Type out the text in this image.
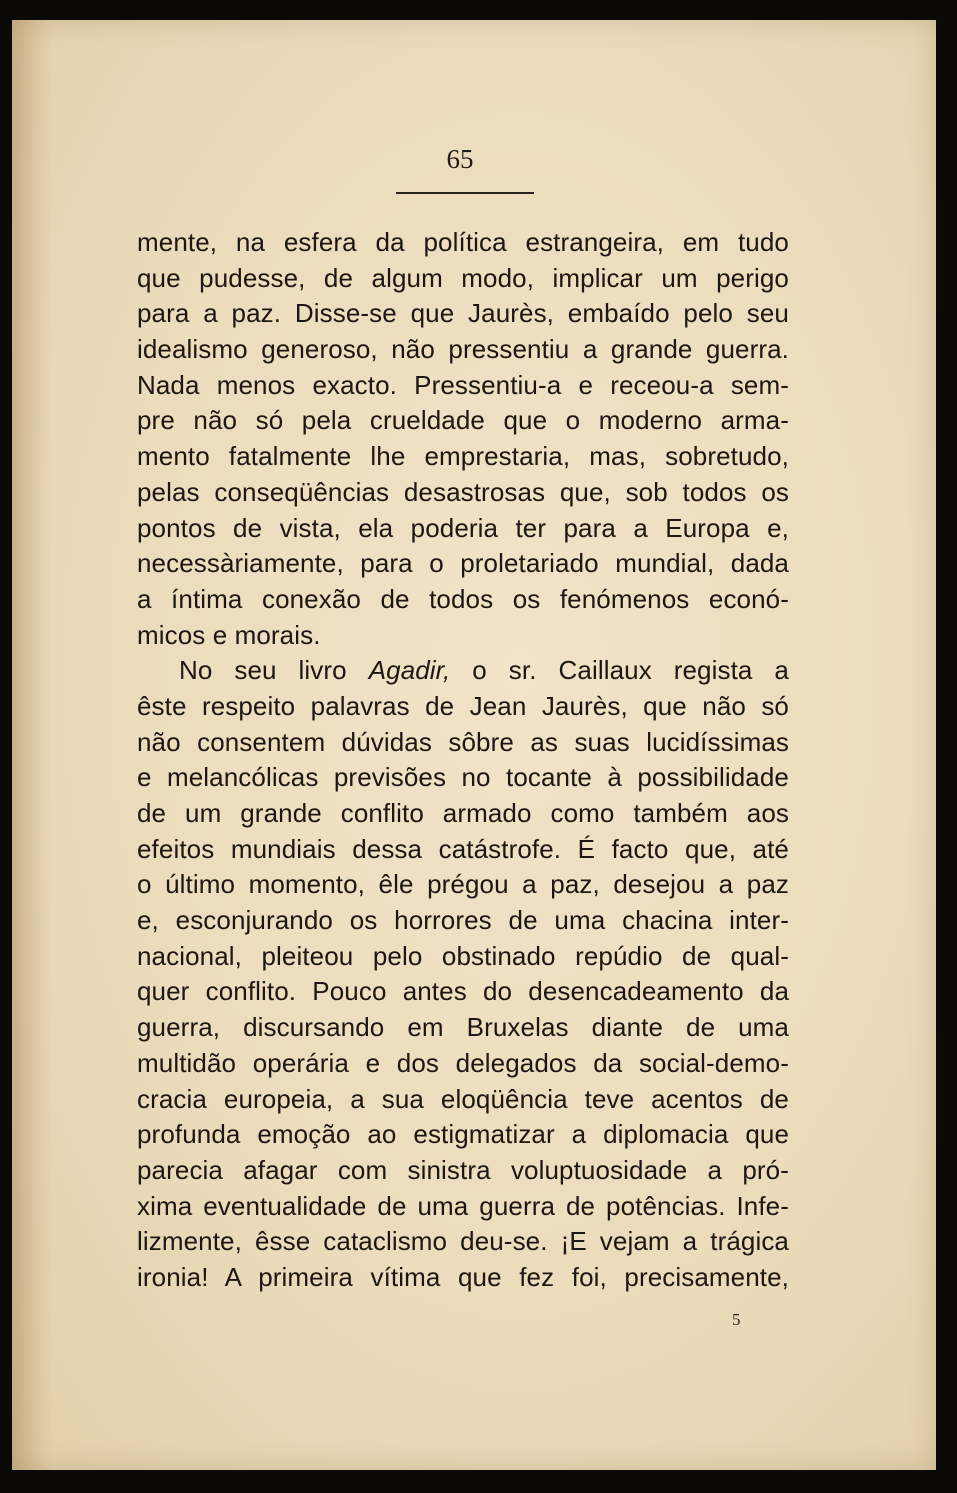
65
mente, na esfera da política estrangeira, em tudo
que pudesse, de algum modo, implicar um perigo
para a paz. Disse-se que Jaurès, embaído pelo seu
idealismo generoso, não pressentiu a grande guerra.
Nada menos exacto. Pressentiu-a e receou-a sem-
pre não só pela crueldade que o moderno arma-
mento fatalmente lhe emprestaria, mas, sobretudo,
pelas conseqüências desastrosas que, sob todos os
pontos de vista, ela poderia ter para a Europa e,
necessàriamente, para o proletariado mundial, dada
a íntima conexão de todos os fenómenos econó-
micos e morais.
No seu livro Agadir, o sr. Caillaux regista a
êste respeito palavras de Jean Jaurès, que não só
não consentem dúvidas sôbre as suas lucidíssimas
e melancólicas previsões no tocante à possibilidade
de um grande conflito armado como também aos
efeitos mundiais dessa catástrofe. É facto que, até
o último momento, êle prégou a paz, desejou a paz
e, esconjurando os horrores de uma chacina inter-
nacional, pleiteou pelo obstinado repúdio de qual-
quer conflito. Pouco antes do desencadeamento da
guerra, discursando em Bruxelas diante de uma
multidão operária e dos delegados da social-demo-
cracia europeia, a sua eloqüência teve acentos de
profunda emoção ao estigmatizar a diplomacia que
parecia afagar com sinistra voluptuosidade a pró-
xima eventualidade de uma guerra de potências. Infe-
lizmente, êsse cataclismo deu-se. ¡E vejam a trágica
ironia! A primeira vítima que fez foi, precisamente,
5
